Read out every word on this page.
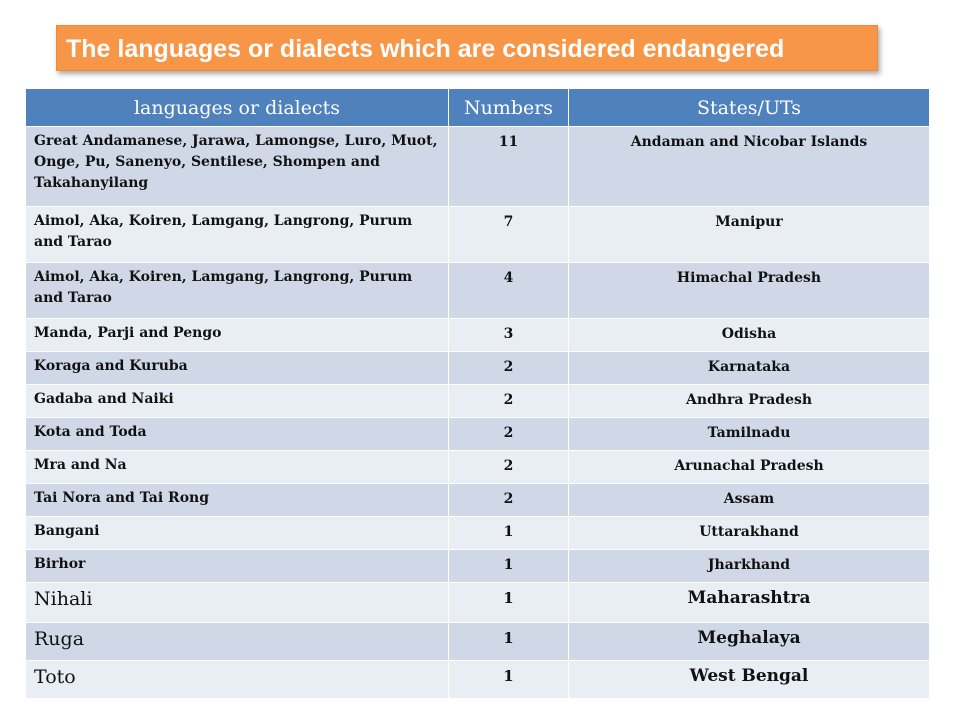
The languages or dialects which are considered endangered
languages or dialects	Numbers	States/UTs
Great Andamanese, Jarawa, Lamongse, Luro, Muot, Onge, Pu, Sanenyo, Sentilese, Shompen and Takahanyilang	11	Andaman and Nicobar Islands
Aimol, Aka, Koiren, Lamgang, Langrong, Purum and Tarao	7	Manipur
Aimol, Aka, Koiren, Lamgang, Langrong, Purum and Tarao	4	Himachal Pradesh
Manda, Parji and Pengo	3	Odisha
Koraga and Kuruba	2	Karnataka
Gadaba and Naiki	2	Andhra Pradesh
Kota and Toda	2	Tamilnadu
Mra and Na	2	Arunachal Pradesh
Tai Nora and Tai Rong	2	Assam
Bangani	1	Uttarakhand
Birhor	1	Jharkhand
Nihali	1	Maharashtra
Ruga	1	Meghalaya
Toto	1	West Bengal
